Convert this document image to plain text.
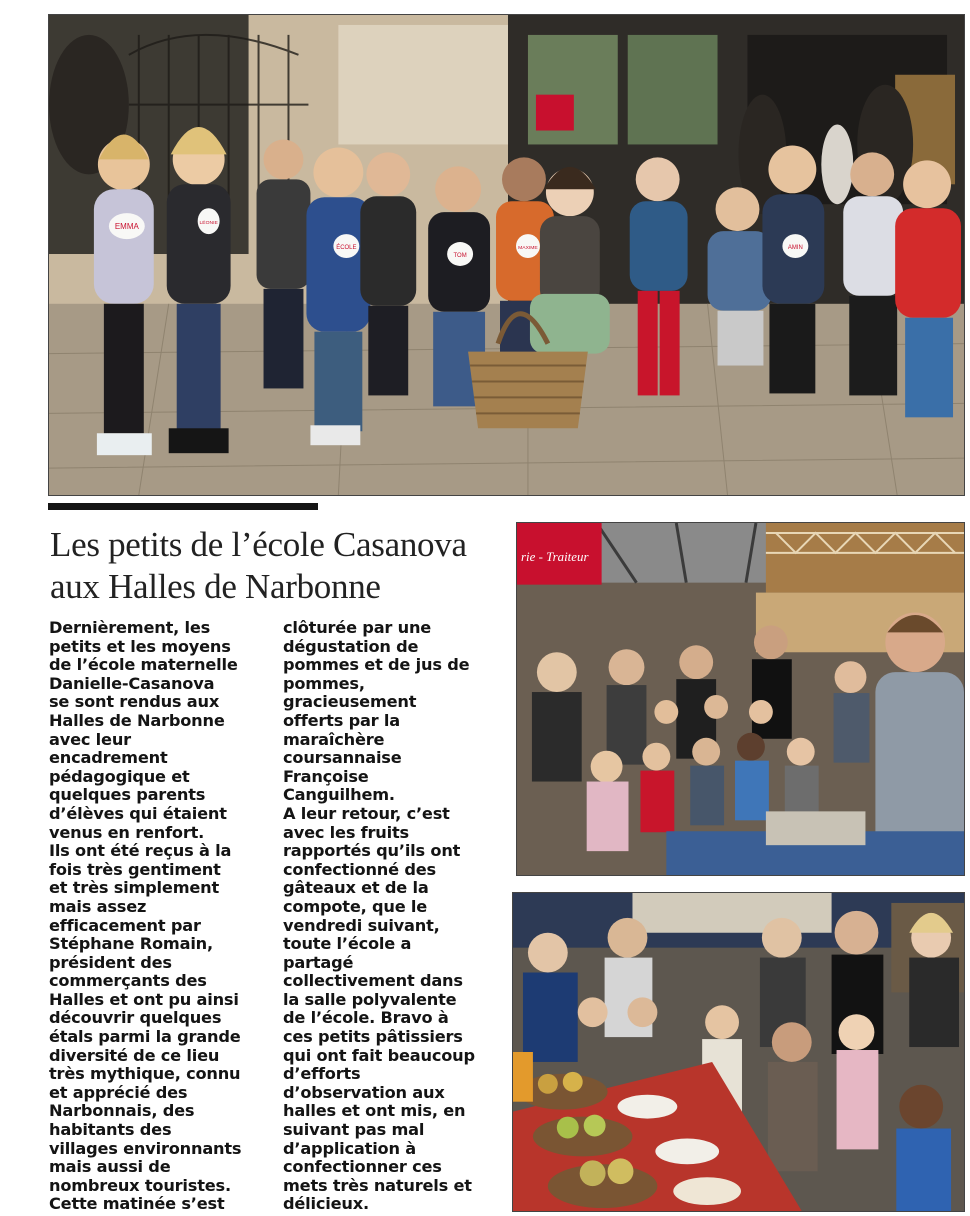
EMMA	LÉONIE
ÉCOLE
TOM
MAXIME	AMIN
Les petits de l’école Casanova
aux Halles de Narbonne

Dernièrement, les
petits et les moyens
de l’école maternelle
Danielle-Casanova
se sont rendus aux
Halles de Narbonne
avec leur
encadrement
pédagogique et
quelques parents
d’élèves qui étaient
venus en renfort.
Ils ont été reçus à la
fois très gentiment
et très simplement
mais assez
efficacement par
Stéphane Romain,
président des
commerçants des
Halles et ont pu ainsi
découvrir quelques
étals parmi la grande
diversité de ce lieu
très mythique, connu
et apprécié des
Narbonnais, des
habitants des
villages environnants
mais aussi de
nombreux touristes.
Cette matinée s’est

clôturée par une
dégustation de
pommes et de jus de
pommes,
gracieusement
offerts par la
maraîchère
coursannaise
Françoise
Canguilhem.
A leur retour, c’est
avec les fruits
rapportés qu’ils ont
confectionné des
gâteaux et de la
compote, que le
vendredi suivant,
toute l’école a
partagé
collectivement dans
la salle polyvalente
de l’école. Bravo à
ces petits pâtissiers
qui ont fait beaucoup
d’efforts
d’observation aux
halles et ont mis, en
suivant pas mal
d’application à
confectionner ces
mets très naturels et
délicieux.

rie - Traiteur
